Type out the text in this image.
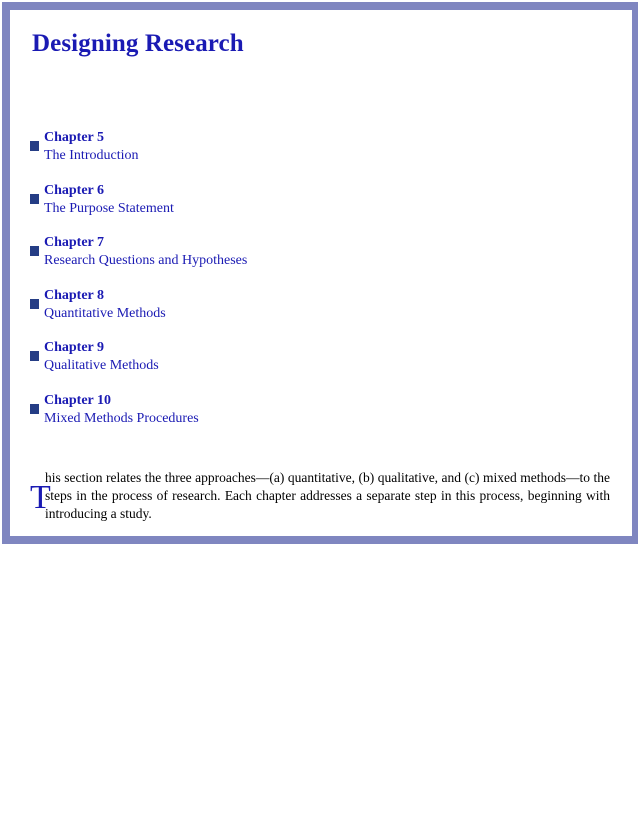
Designing Research
Chapter 5
The Introduction
Chapter 6
The Purpose Statement
Chapter 7
Research Questions and Hypotheses
Chapter 8
Quantitative Methods
Chapter 9
Qualitative Methods
Chapter 10
Mixed Methods Procedures
T

his section relates the three approaches—(a) quantitative, (b) qualitative, and (c) mixed methods—to the steps in the process of research. Each chapter addresses a separate step in this process, beginning with introducing a study.
